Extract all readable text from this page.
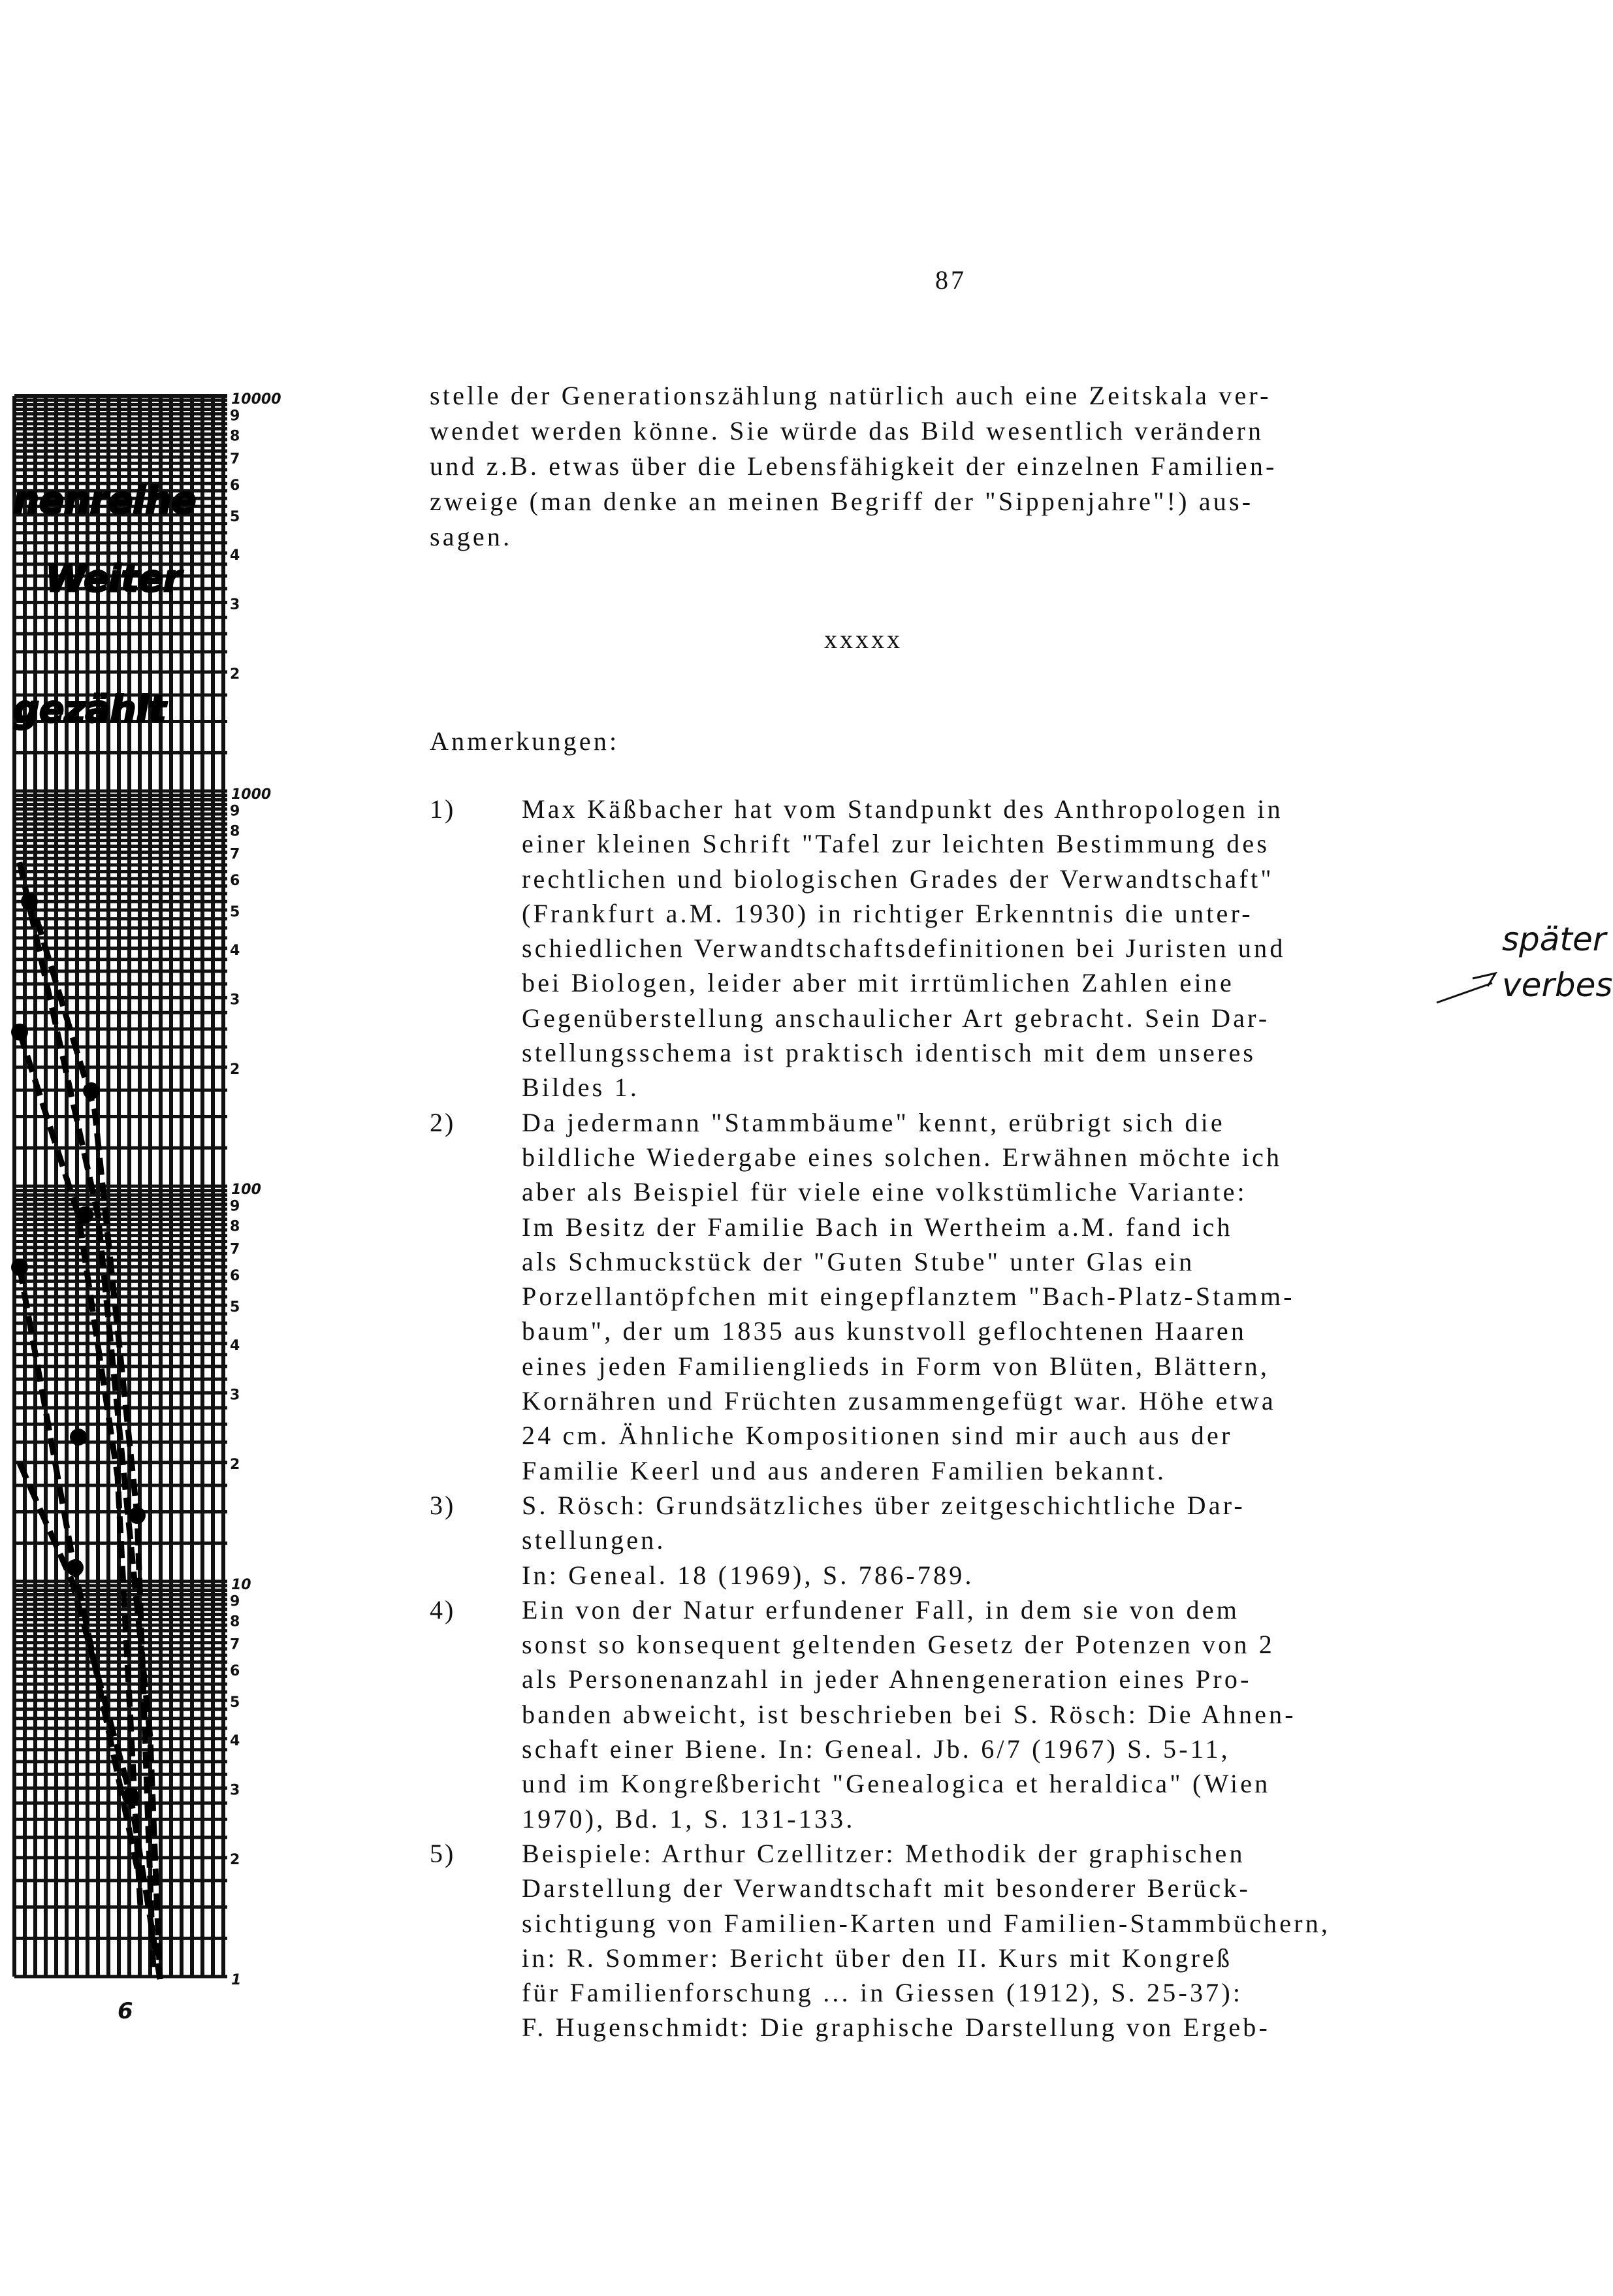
87
stelle der Generationszählung natürlich auch eine Zeitskala ver-
wendet werden könne. Sie würde das Bild wesentlich verändern
und z.B. etwas über die Lebensfähigkeit der einzelnen Familien-
zweige (man denke an meinen Begriff der "Sippenjahre"!) aus-
sagen.
xxxxx
Anmerkungen:
1)	Max Käßbacher hat vom Standpunkt des Anthropologen in
einer kleinen Schrift "Tafel zur leichten Bestimmung des
rechtlichen und biologischen Grades der Verwandtschaft"
(Frankfurt a.M. 1930) in richtiger Erkenntnis die unter-
schiedlichen Verwandtschaftsdefinitionen bei Juristen und
bei Biologen, leider aber mit irrtümlichen Zahlen eine
Gegenüberstellung anschaulicher Art gebracht. Sein Dar-
stellungsschema ist praktisch identisch mit dem unseres
Bildes 1.
2)	Da jedermann "Stammbäume" kennt, erübrigt sich die
bildliche Wiedergabe eines solchen. Erwähnen möchte ich
aber als Beispiel für viele eine volkstümliche Variante:
Im Besitz der Familie Bach in Wertheim a.M. fand ich
als Schmuckstück der "Guten Stube" unter Glas ein
Porzellantöpfchen mit eingepflanztem "Bach-Platz-Stamm-
baum", der um 1835 aus kunstvoll geflochtenen Haaren
eines jeden Familienglieds in Form von Blüten, Blättern,
Kornähren und Früchten zusammengefügt war. Höhe etwa
24 cm. Ähnliche Kompositionen sind mir auch aus der
Familie Keerl und aus anderen Familien bekannt.
3)	S. Rösch: Grundsätzliches über zeitgeschichtliche Dar-
stellungen.
In: Geneal. 18 (1969), S. 786-789.
4)	Ein von der Natur erfundener Fall, in dem sie von dem
sonst so konsequent geltenden Gesetz der Potenzen von 2
als Personenanzahl in jeder Ahnengeneration eines Pro-
banden abweicht, ist beschrieben bei S. Rösch: Die Ahnen-
schaft einer Biene. In: Geneal. Jb. 6/7 (1967) S. 5-11,
und im Kongreßbericht "Genealogica et heraldica" (Wien
1970), Bd. 1, S. 131-133.
5)	Beispiele: Arthur Czellitzer: Methodik der graphischen
Darstellung der Verwandtschaft mit besonderer Berück-
sichtigung von Familien-Karten und Familien-Stammbüchern,
in: R. Sommer: Bericht über den II. Kurs mit Kongreß
für Familienforschung ... in Giessen (1912), S. 25-37):
F. Hugenschmidt: Die graphische Darstellung von Ergeb-
10000
9
8
7
6
5
4
3
2
1000
9
8
7
6
5
4
3
2
100
9
8
7
6
5
4
3
2
10
9
8
7
6
5
4
3
2
1
6
nenreihe
Weiter
gezählt
später
verbes
